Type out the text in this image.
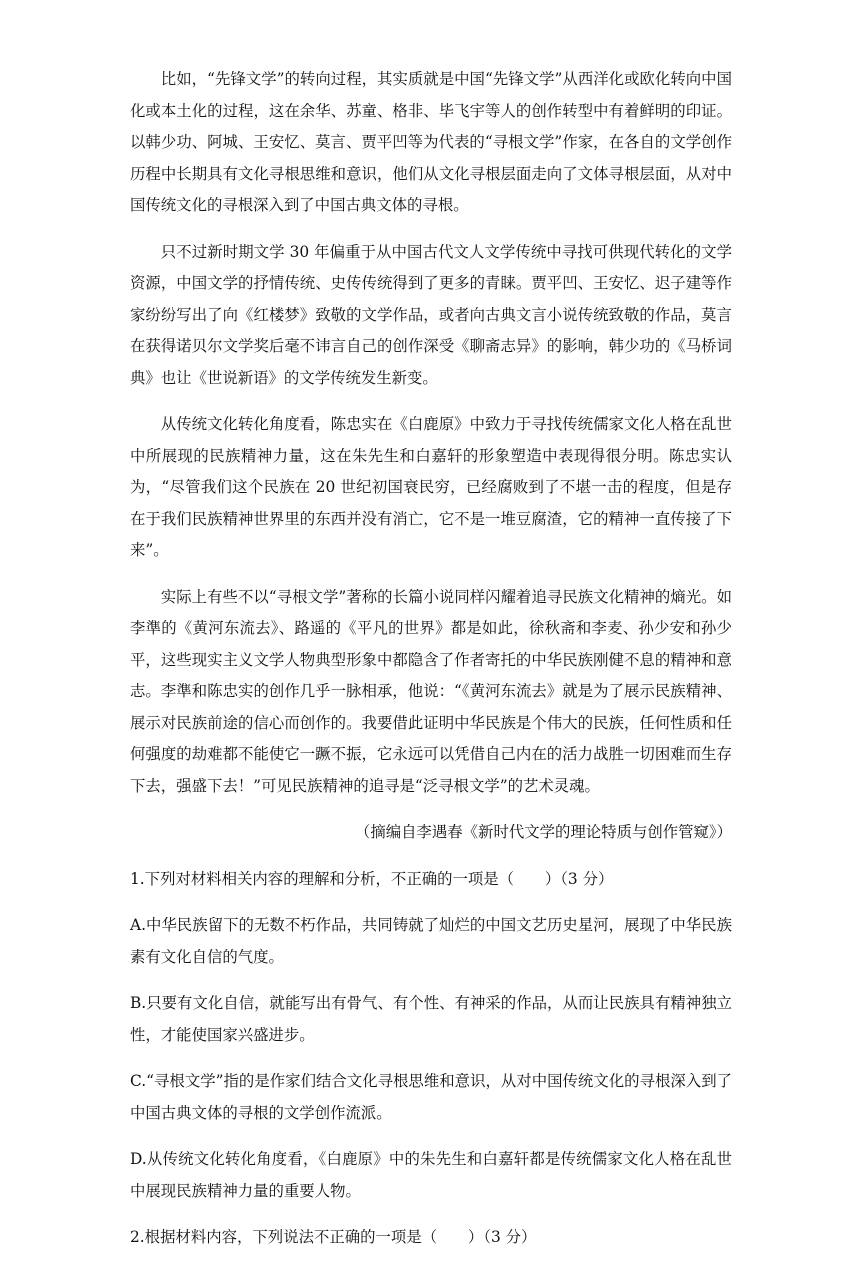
比如，“先锋文学”的转向过程，其实质就是中国“先锋文学”从西洋化或欧化转向中国化或本土化的过程，这在余华、苏童、格非、毕飞宇等人的创作转型中有着鲜明的印证。以韩少功、阿城、王安忆、莫言、贾平凹等为代表的“寻根文学”作家，在各自的文学创作历程中长期具有文化寻根思维和意识，他们从文化寻根层面走向了文体寻根层面，从对中国传统文化的寻根深入到了中国古典文体的寻根。

只不过新时期文学 30 年偏重于从中国古代文人文学传统中寻找可供现代转化的文学资源，中国文学的抒情传统、史传传统得到了更多的青睐。贾平凹、王安忆、迟子建等作家纷纷写出了向《红楼梦》致敬的文学作品，或者向古典文言小说传统致敬的作品，莫言在获得诺贝尔文学奖后毫不讳言自己的创作深受《聊斋志异》的影响，韩少功的《马桥词典》也让《世说新语》的文学传统发生新变。

从传统文化转化角度看，陈忠实在《白鹿原》中致力于寻找传统儒家文化人格在乱世中所展现的民族精神力量，这在朱先生和白嘉轩的形象塑造中表现得很分明。陈忠实认为，“尽管我们这个民族在 20 世纪初国衰民穷，已经腐败到了不堪一击的程度，但是存在于我们民族精神世界里的东西并没有消亡，它不是一堆豆腐渣，它的精神一直传接了下来”。

实际上有些不以“寻根文学”著称的长篇小说同样闪耀着追寻民族文化精神的熵光。如李準的《黄河东流去》、路遥的《平凡的世界》都是如此，徐秋斋和李麦、孙少安和孙少平，这些现实主义文学人物典型形象中都隐含了作者寄托的中华民族刚健不息的精神和意志。李準和陈忠实的创作几乎一脉相承，他说：“《黄河东流去》就是为了展示民族精神、展示对民族前途的信心而创作的。我要借此证明中华民族是个伟大的民族，任何性质和任何强度的劫难都不能使它一蹶不振，它永远可以凭借自己内在的活力战胜一切困难而生存下去，强盛下去！”可见民族精神的追寻是“泛寻根文学”的艺术灵魂。

（摘编自李遇春《新时代文学的理论特质与创作管窥》）

1.下列对材料相关内容的理解和分析，不正确的一项是（　　）（3 分）

A.中华民族留下的无数不朽作品，共同铸就了灿烂的中国文艺历史星河，展现了中华民族素有文化自信的气度。

B.只要有文化自信，就能写出有骨气、有个性、有神采的作品，从而让民族具有精神独立性，才能使国家兴盛进步。

C.“寻根文学”指的是作家们结合文化寻根思维和意识，从对中国传统文化的寻根深入到了中国古典文体的寻根的文学创作流派。

D.从传统文化转化角度看，《白鹿原》中的朱先生和白嘉轩都是传统儒家文化人格在乱世中展现民族精神力量的重要人物。

2.根据材料内容，下列说法不正确的一项是（　　）（3 分）
